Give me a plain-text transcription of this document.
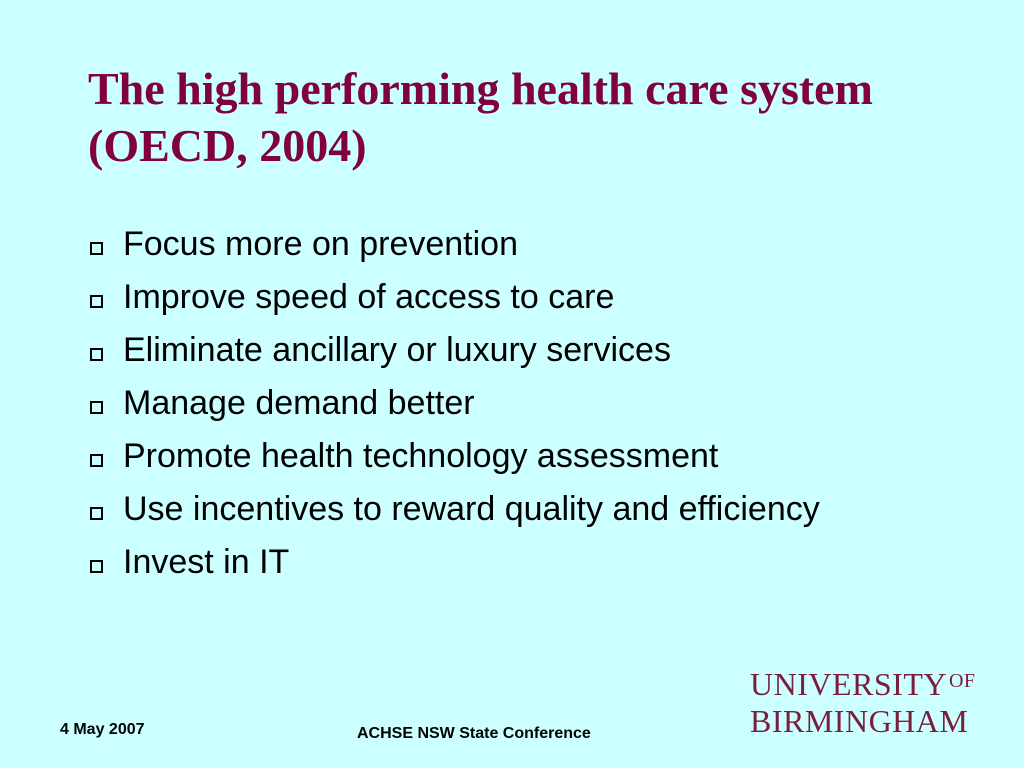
The high performing health care system (OECD, 2004)
Focus more on prevention
Improve speed of access to care
Eliminate ancillary or luxury services
Manage demand better
Promote health technology assessment
Use incentives to reward quality and efficiency
Invest in IT
UNIVERSITY $^{OF}$
BIRMINGHAM
4 May 2007	ACHSE NSW State Conference
